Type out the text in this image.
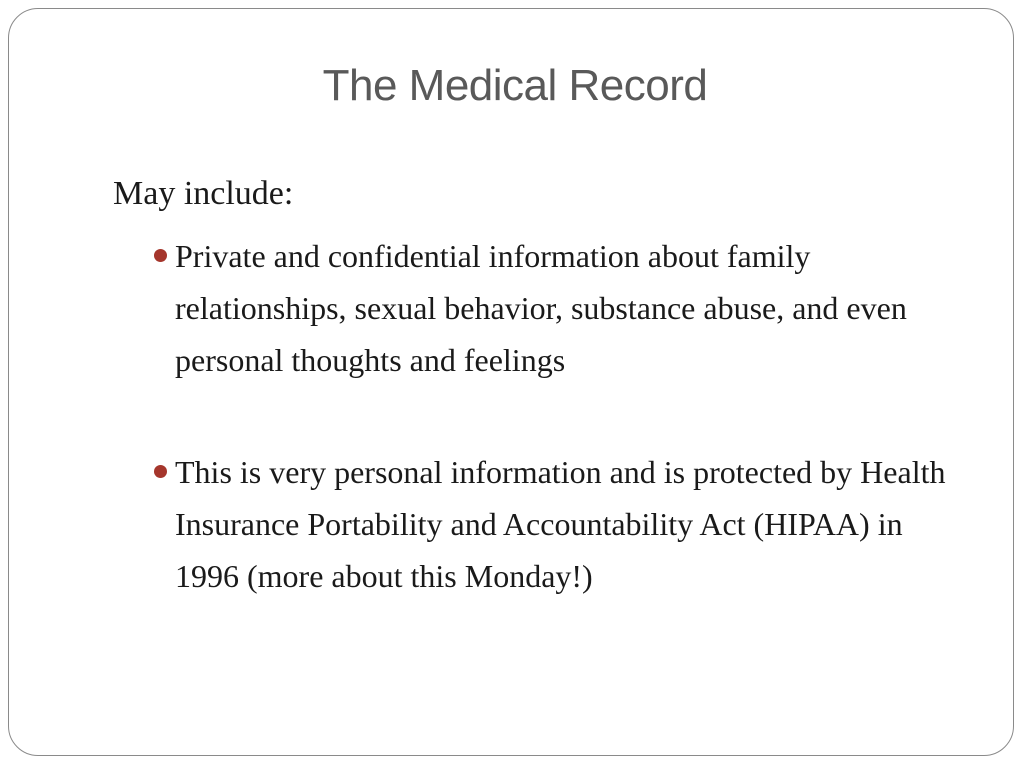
The Medical Record

May include:

Private and confidential information about family relationships, sexual behavior, substance abuse, and even personal thoughts and feelings
This is very personal information and is protected by Health Insurance Portability and Accountability Act (HIPAA) in 1996 (more about this Monday!)
